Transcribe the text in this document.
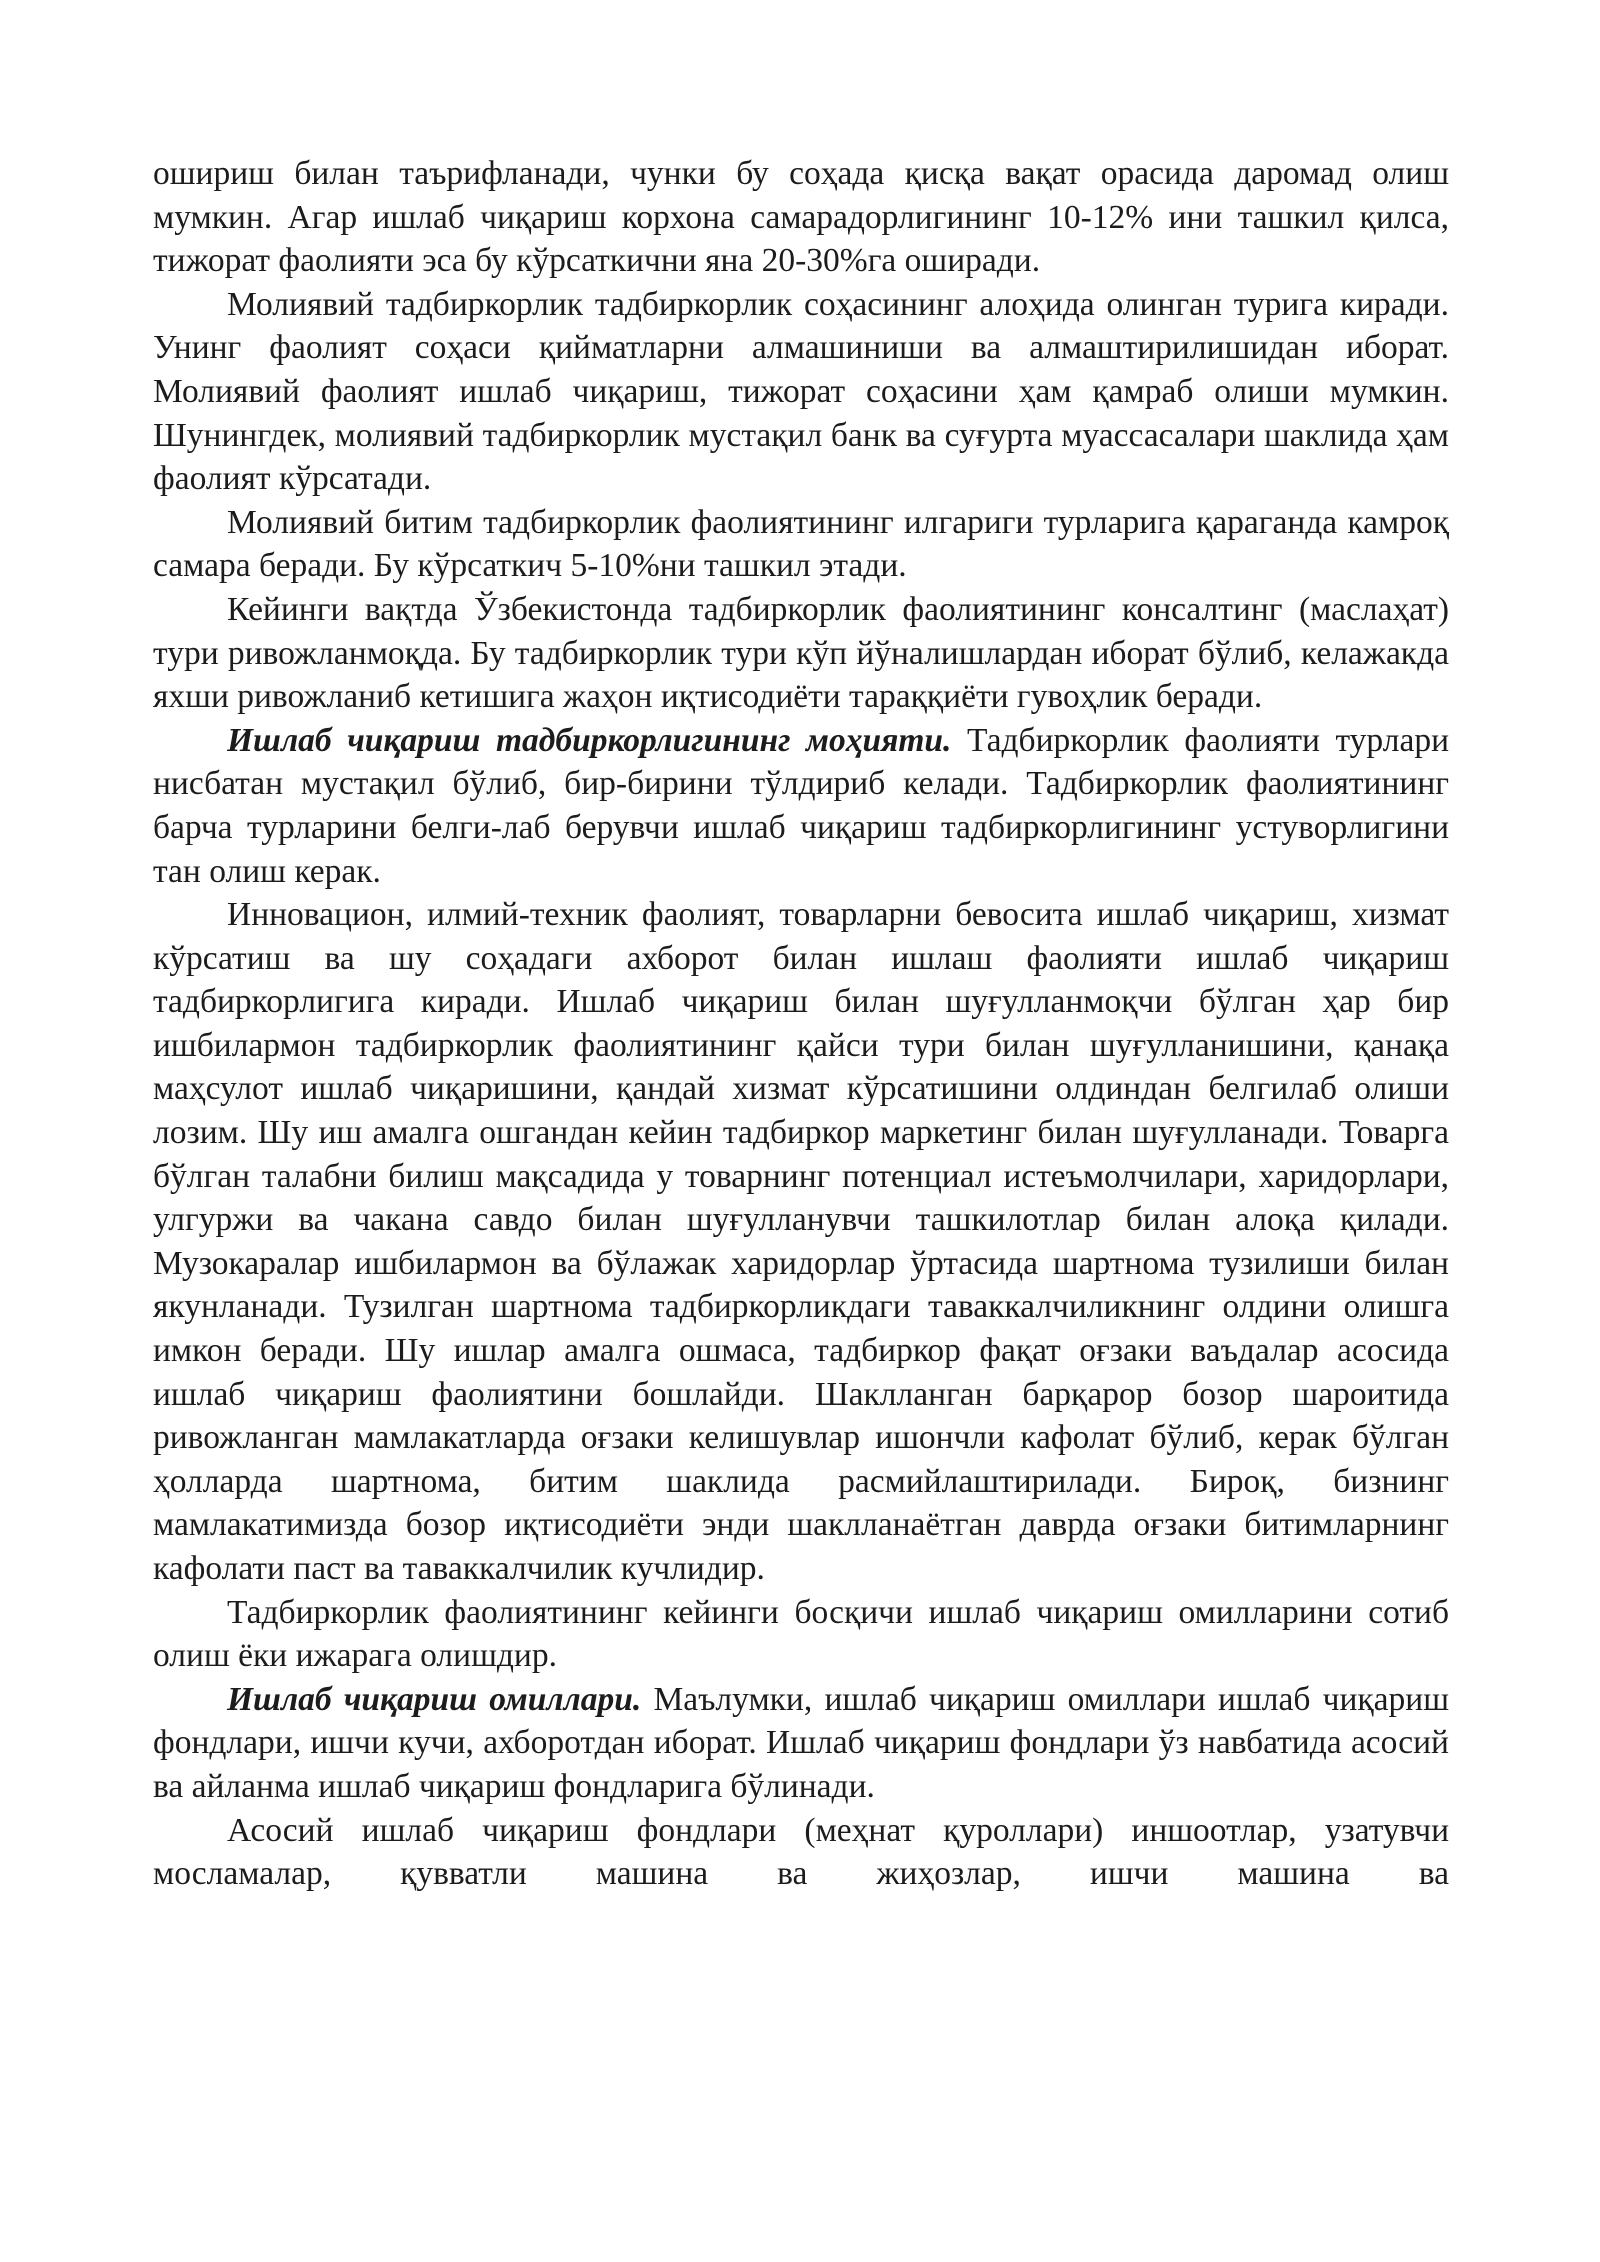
ошириш билан таърифланади, чунки бу соҳада қисқа вақат орасида даромад олиш мумкин. Агар ишлаб чиқариш корхона самарадорлигининг 10-12% ини ташкил қилса, тижорат фаолияти эса бу кўрсаткични яна 20-30%га оширади.

Молиявий тадбиркорлик тадбиркорлик соҳасининг алоҳида олинган турига киради. Унинг фаолият соҳаси қийматларни алмашиниши ва алмаштирилишидан иборат. Молиявий фаолият ишлаб чиқариш, тижорат соҳасини ҳам қамраб олиши мумкин. Шунингдек, молиявий тадбиркорлик мустақил банк ва суғурта муассасалари шаклида ҳам фаолият кўрсатади.

Молиявий битим тадбиркорлик фаолиятининг илгариги турларига қараганда камроқ самара беради. Бу кўрсаткич 5-10%ни ташкил этади.

Кейинги вақтда Ўзбекистонда тадбиркорлик фаолиятининг консалтинг (маслаҳат) тури ривожланмоқда. Бу тадбиркорлик тури кўп йўналишлардан иборат бўлиб, келажакда яхши ривожланиб кетишига жаҳон иқтисодиёти тараққиёти гувоҳлик беради.

Ишлаб чиқариш тадбиркорлигининг моҳияти. Тадбиркорлик фаолияти турлари нисбатан мустақил бўлиб, бир-бирини тўлдириб келади. Тадбиркорлик фаолиятининг барча турларини белги-лаб берувчи ишлаб чиқариш тадбиркорлигининг устуворлигини тан олиш керак.

Инновацион, илмий-техник фаолият, товарларни бевосита ишлаб чиқариш, хизмат кўрсатиш ва шу соҳадаги ахборот билан ишлаш фаолияти ишлаб чиқариш тадбиркорлигига киради. Ишлаб чиқариш билан шуғулланмоқчи бўлган ҳар бир ишбилармон тадбиркорлик фаолиятининг қайси тури билан шуғулланишини, қанақа маҳсулот ишлаб чиқаришини, қандай хизмат кўрсатишини олдиндан белгилаб олиши лозим. Шу иш амалга ошгандан кейин тадбиркор маркетинг билан шуғулланади. Товарга бўлган талабни билиш мақсадида у товарнинг потенциал истеъмолчилари, харидорлари, улгуржи ва чакана савдо билан шуғулланувчи ташкилотлар билан алоқа қилади. Музокаралар ишбилармон ва бўлажак харидорлар ўртасида шартнома тузилиши билан якунланади. Тузилган шартнома тадбиркорликдаги таваккалчиликнинг олдини олишга имкон беради. Шу ишлар амалга ошмаса, тадбиркор фақат оғзаки ваъдалар асосида ишлаб чиқариш фаолиятини бошлайди. Шаклланган барқарор бозор шароитида ривожланган мамлакатларда оғзаки келишувлар ишончли кафолат бўлиб, керак бўлган ҳолларда шартнома, битим шаклида расмийлаштирилади. Бироқ, бизнинг мамлакатимизда бозор иқтисодиёти энди шаклланаётган даврда оғзаки битимларнинг кафолати паст ва таваккалчилик кучлидир.

Тадбиркорлик фаолиятининг кейинги босқичи ишлаб чиқариш омилларини сотиб олиш ёки ижарага олишдир.

Ишлаб чиқариш омиллари. Маълумки, ишлаб чиқариш омиллари ишлаб чиқариш фондлари, ишчи кучи, ахборотдан иборат. Ишлаб чиқариш фондлари ўз навбатида асосий ва айланма ишлаб чиқариш фондларига бўлинади.

Асосий ишлаб чиқариш фондлари (меҳнат қуроллари) иншоотлар, узатувчи мосламалар, қувватли машина ва жиҳозлар, ишчи машина ва
